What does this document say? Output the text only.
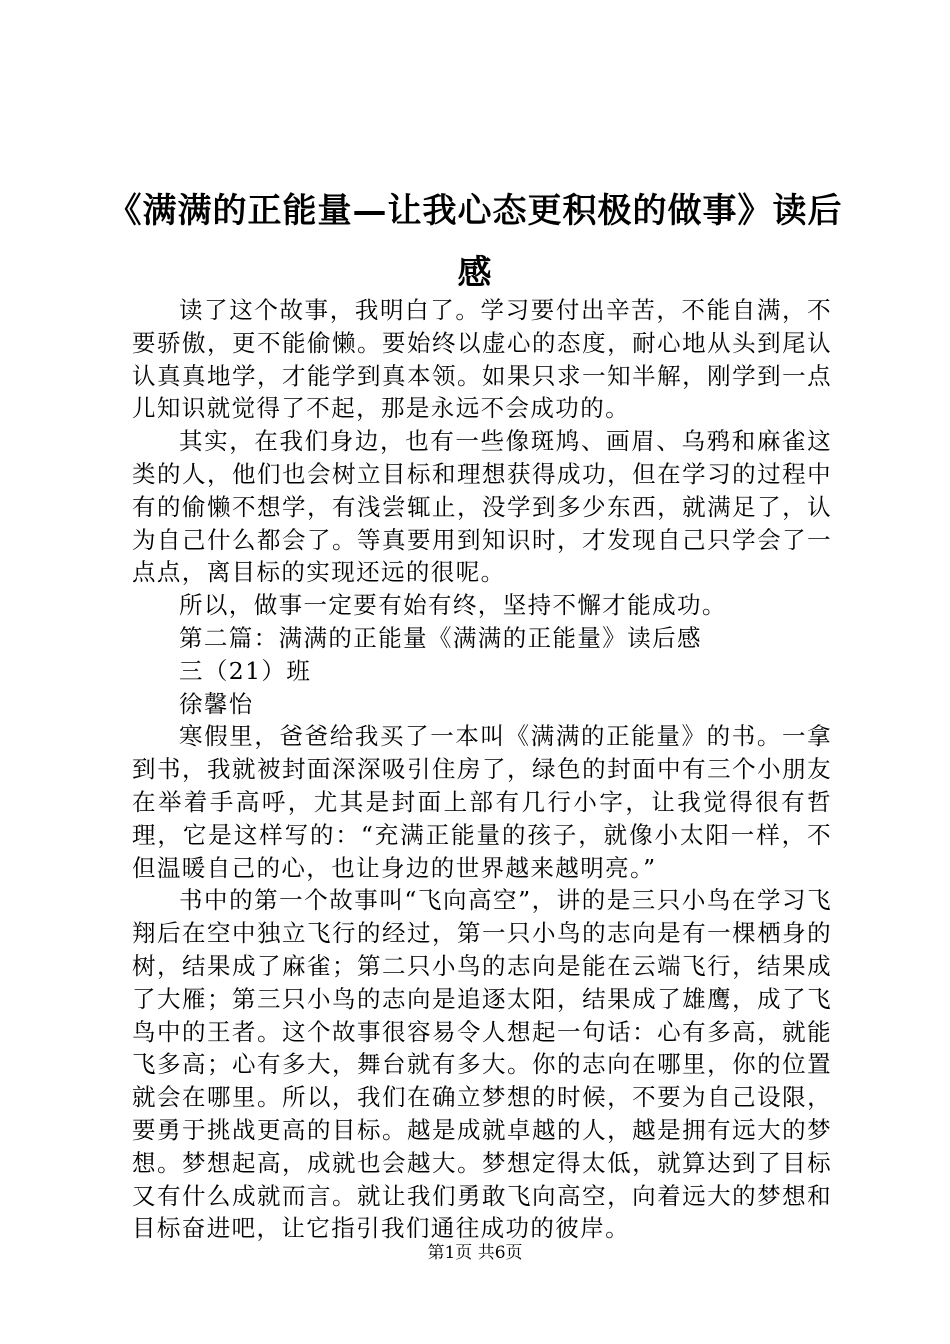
《满满的正能量—让我心态更积极的做事》读后感

读了这个故事，我明白了。学习要付出辛苦，不能自满，不要骄傲，更不能偷懒。要始终以虚心的态度，耐心地从头到尾认认真真地学，才能学到真本领。如果只求一知半解，刚学到一点儿知识就觉得了不起，那是永远不会成功的。

其实，在我们身边，也有一些像斑鸠、画眉、乌鸦和麻雀这类的人，他们也会树立目标和理想获得成功，但在学习的过程中有的偷懒不想学，有浅尝辄止，没学到多少东西，就满足了，认为自己什么都会了。等真要用到知识时，才发现自己只学会了一点点，离目标的实现还远的很呢。

所以，做事一定要有始有终，坚持不懈才能成功。

第二篇：满满的正能量《满满的正能量》读后感

三（21）班

徐馨怡

寒假里，爸爸给我买了一本叫《满满的正能量》的书。一拿到书，我就被封面深深吸引住房了，绿色的封面中有三个小朋友在举着手高呼，尤其是封面上部有几行小字，让我觉得很有哲理，它是这样写的：“充满正能量的孩子，就像小太阳一样，不但温暖自己的心，也让身边的世界越来越明亮。”

书中的第一个故事叫“飞向高空”，讲的是三只小鸟在学习飞翔后在空中独立飞行的经过，第一只小鸟的志向是有一棵栖身的树，结果成了麻雀；第二只小鸟的志向是能在云端飞行，结果成了大雁；第三只小鸟的志向是追逐太阳，结果成了雄鹰，成了飞鸟中的王者。这个故事很容易令人想起一句话：心有多高，就能飞多高；心有多大，舞台就有多大。你的志向在哪里，你的位置就会在哪里。所以，我们在确立梦想的时候，不要为自己设限，要勇于挑战更高的目标。越是成就卓越的人，越是拥有远大的梦想。梦想起高，成就也会越大。梦想定得太低，就算达到了目标又有什么成就而言。就让我们勇敢飞向高空，向着远大的梦想和目标奋进吧，让它指引我们通往成功的彼岸。

第1页 共6页
